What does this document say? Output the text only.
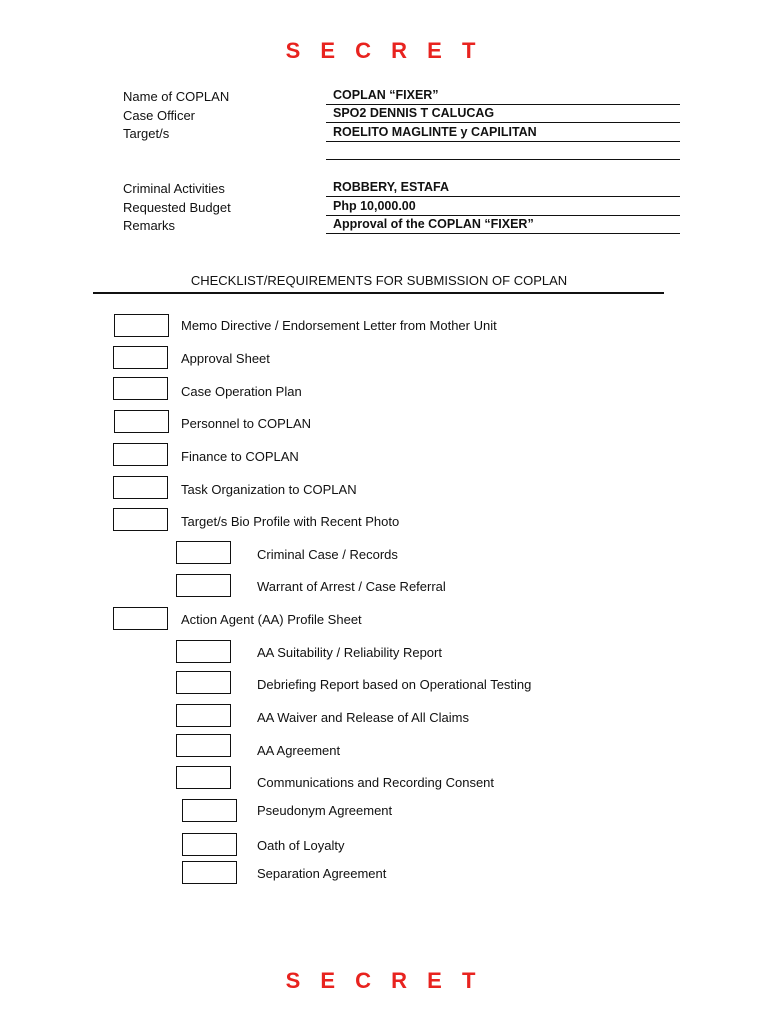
S E C R E T
Name of COPLAN	COPLAN “FIXER”
Case Officer	SPO2 DENNIS T CALUCAG
Target/s	ROELITO MAGLINTE y CAPILITAN
Criminal Activities	ROBBERY, ESTAFA
Requested Budget	Php 10,000.00
Remarks	Approval of the COPLAN “FIXER”
CHECKLIST/REQUIREMENTS FOR SUBMISSION OF COPLAN
Memo Directive / Endorsement Letter from Mother Unit
Approval Sheet
Case Operation Plan
Personnel to COPLAN
Finance to COPLAN
Task Organization to COPLAN
Target/s Bio Profile with Recent Photo
Criminal Case / Records
Warrant of Arrest / Case Referral
Action Agent (AA) Profile Sheet
AA Suitability / Reliability Report
Debriefing Report based on Operational Testing
AA Waiver and Release of All Claims
AA Agreement
Communications and Recording Consent
Pseudonym Agreement
Oath of Loyalty
Separation Agreement
S E C R E T
